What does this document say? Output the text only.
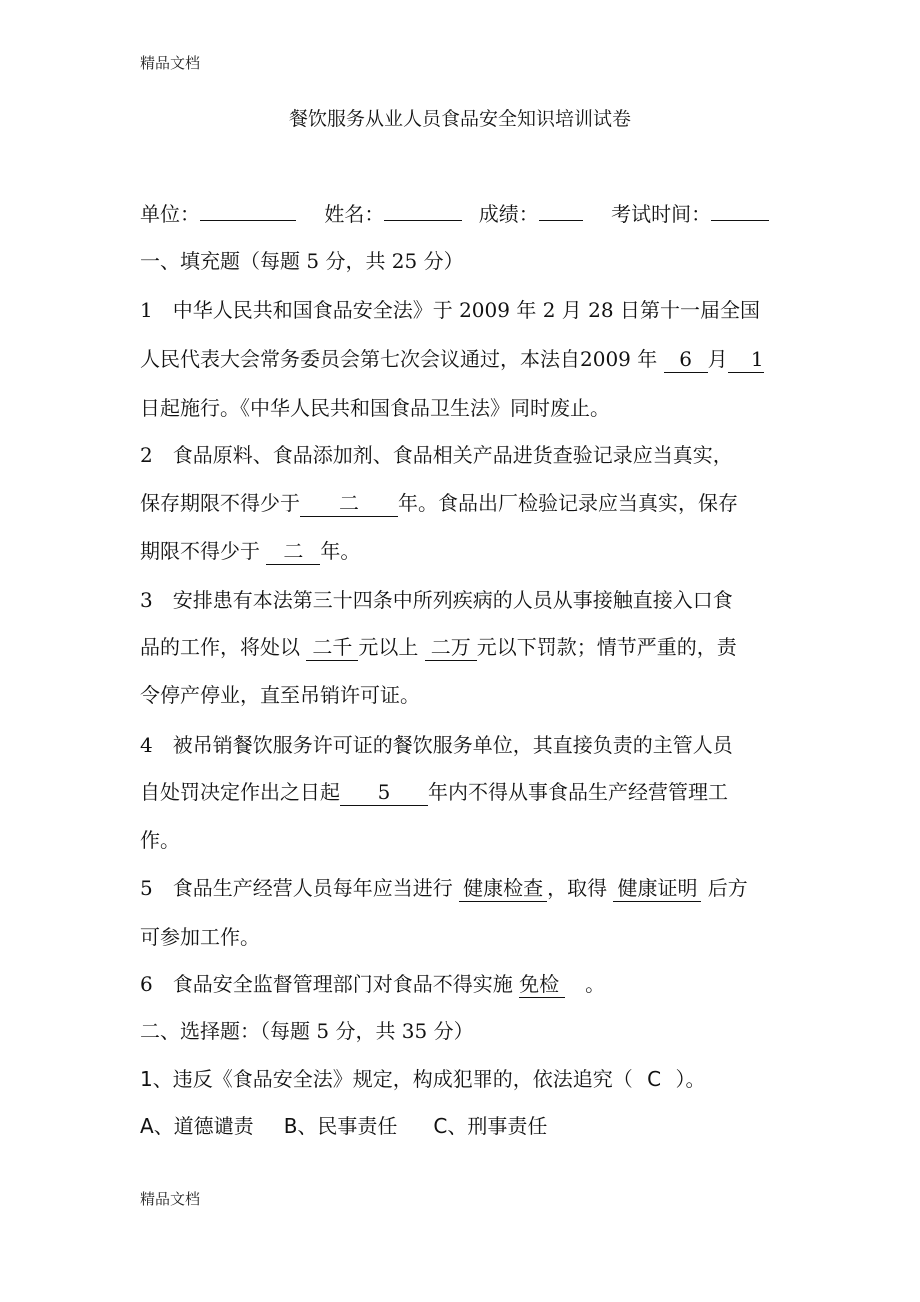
精品文档
餐饮服务从业人员食品安全知识培训试卷
单位：	姓名：	成绩：	考试时间：
一、填充题（每题 5 分，共 25 分）
1　中华人民共和国食品安全法》于 2009 年 2 月 28 日第十一届全国
人民代表大会常务委员会第七次会议通过，本法自2009 年 6 月 1
日起施行。《中华人民共和国食品卫生法》同时废止。
2　食品原料、食品添加剂、食品相关产品进货查验记录应当真实，
保存期限不得少于 二 年。食品出厂检验记录应当真实，保存
期限不得少于 二 年。
3　安排患有本法第三十四条中所列疾病的人员从事接触直接入口食
品的工作，将处以 二千 元以上 二万 元以下罚款；情节严重的，责
令停产停业，直至吊销许可证。
4　被吊销餐饮服务许可证的餐饮服务单位，其直接负责的主管人员
自处罚决定作出之日起 5 年内不得从事食品生产经营管理工
作。
5　食品生产经营人员每年应当进行 健康检查 ，取得 健康证明 后方
可参加工作。
6　食品安全监督管理部门对食品不得实施 免检　。
二、选择题：（每题 5 分，共 35 分）
1、违反《食品安全法》规定，构成犯罪的，依法追究（ C ）。
A、道德谴责 B、民事责任 C、刑事责任
精品文档
